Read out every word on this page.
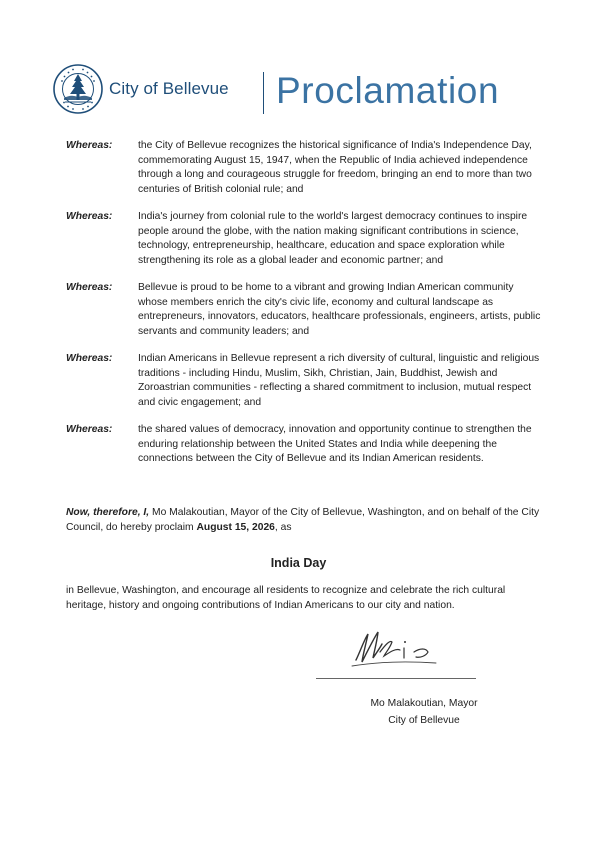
City of Bellevue Proclamation
Whereas:	the City of Bellevue recognizes the historical significance of India's Independence Day, commemorating August 15, 1947, when the Republic of India achieved independence through a long and courageous struggle for freedom, bringing an end to more than two centuries of British colonial rule; and
Whereas:	India's journey from colonial rule to the world's largest democracy continues to inspire people around the globe, with the nation making significant contributions in science, technology, entrepreneurship, healthcare, education and space exploration while strengthening its role as a global leader and economic partner; and
Whereas:	Bellevue is proud to be home to a vibrant and growing Indian American community whose members enrich the city's civic life, economy and cultural landscape as entrepreneurs, innovators, educators, healthcare professionals, engineers, artists, public servants and community leaders; and
Whereas:	Indian Americans in Bellevue represent a rich diversity of cultural, linguistic and religious traditions - including Hindu, Muslim, Sikh, Christian, Jain, Buddhist, Jewish and Zoroastrian communities - reflecting a shared commitment to inclusion, mutual respect and civic engagement; and
Whereas:	the shared values of democracy, innovation and opportunity continue to strengthen the enduring relationship between the United States and India while deepening the connections between the City of Bellevue and its Indian American residents.
Now, therefore, I, Mo Malakoutian, Mayor of the City of Bellevue, Washington, and on behalf of the City Council, do hereby proclaim August 15, 2026, as
India Day
in Bellevue, Washington, and encourage all residents to recognize and celebrate the rich cultural heritage, history and ongoing contributions of Indian Americans to our city and nation.
Mo Malakoutian, Mayor
City of Bellevue
